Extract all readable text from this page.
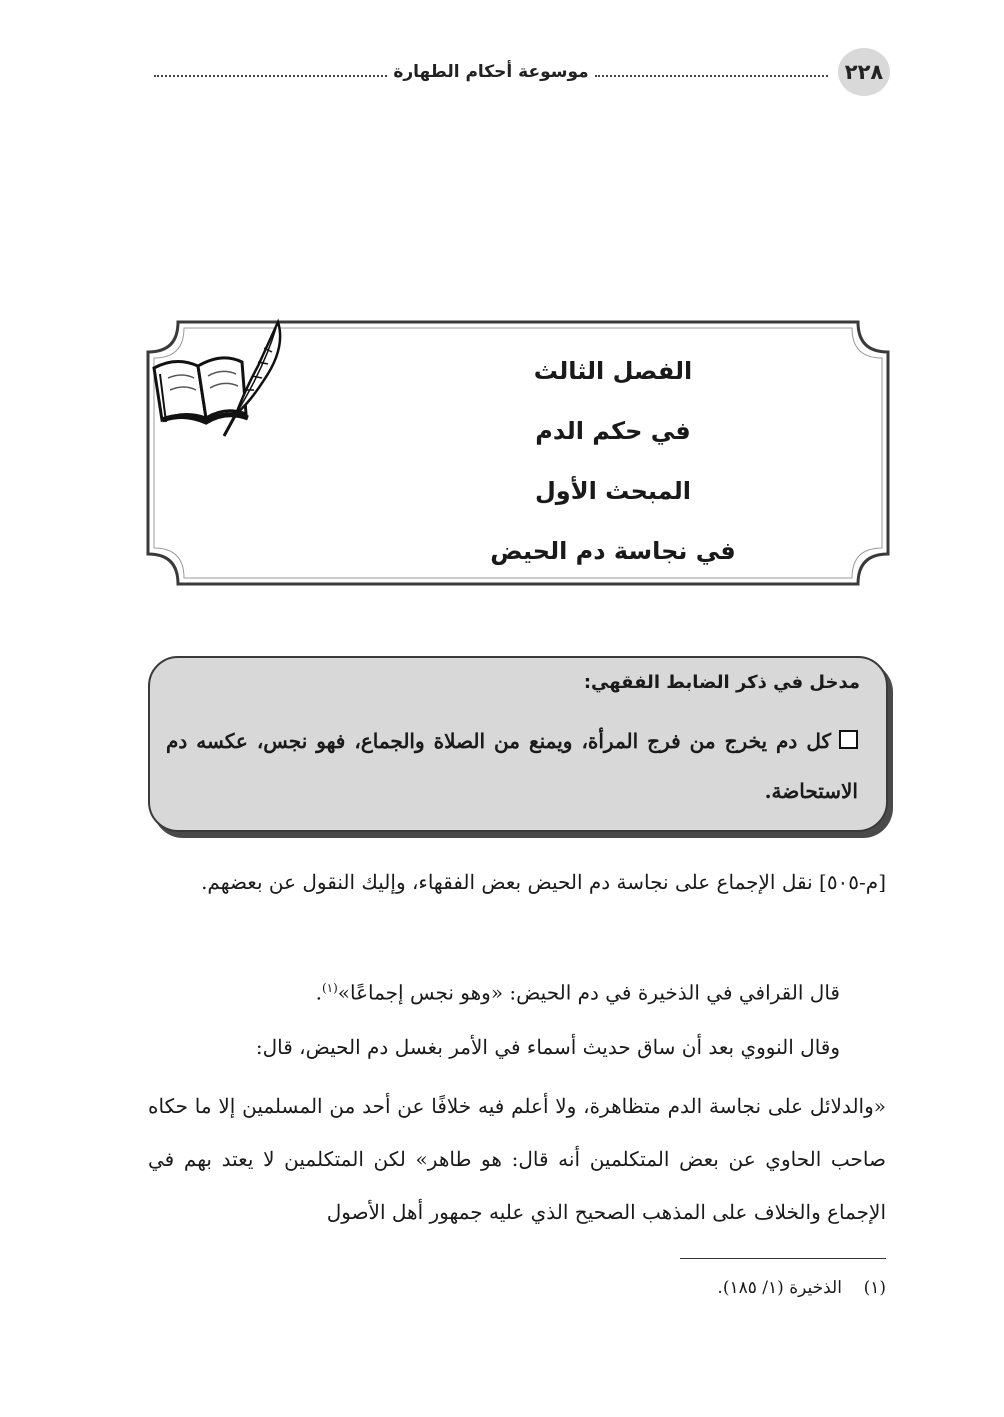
٢٢٨
موسوعة أحكام الطهارة
الفصل الثالث
في حكم الدم
المبحث الأول
في نجاسة دم الحيض
مدخل في ذكر الضابط الفقهي:
كل دم يخرج من فرج المرأة، ويمنع من الصلاة والجماع، فهو نجس، عكسه دم الاستحاضة.
[م-٥٠٥] نقل الإجماع على نجاسة دم الحيض بعض الفقهاء، وإليك النقول عن بعضهم.
قال القرافي في الذخيرة في دم الحيض: «وهو نجس إجماعًا»$^{(١)}$.
وقال النووي بعد أن ساق حديث أسماء في الأمر بغسل دم الحيض، قال:
«والدلائل على نجاسة الدم متظاهرة، ولا أعلم فيه خلافًا عن أحد من المسلمين إلا ما حكاه صاحب الحاوي عن بعض المتكلمين أنه قال: هو طاهر» لكن المتكلمين لا يعتد بهم في الإجماع والخلاف على المذهب الصحيح الذي عليه جمهور أهل الأصول
(١)    الذخيرة (١/ ١٨٥).
